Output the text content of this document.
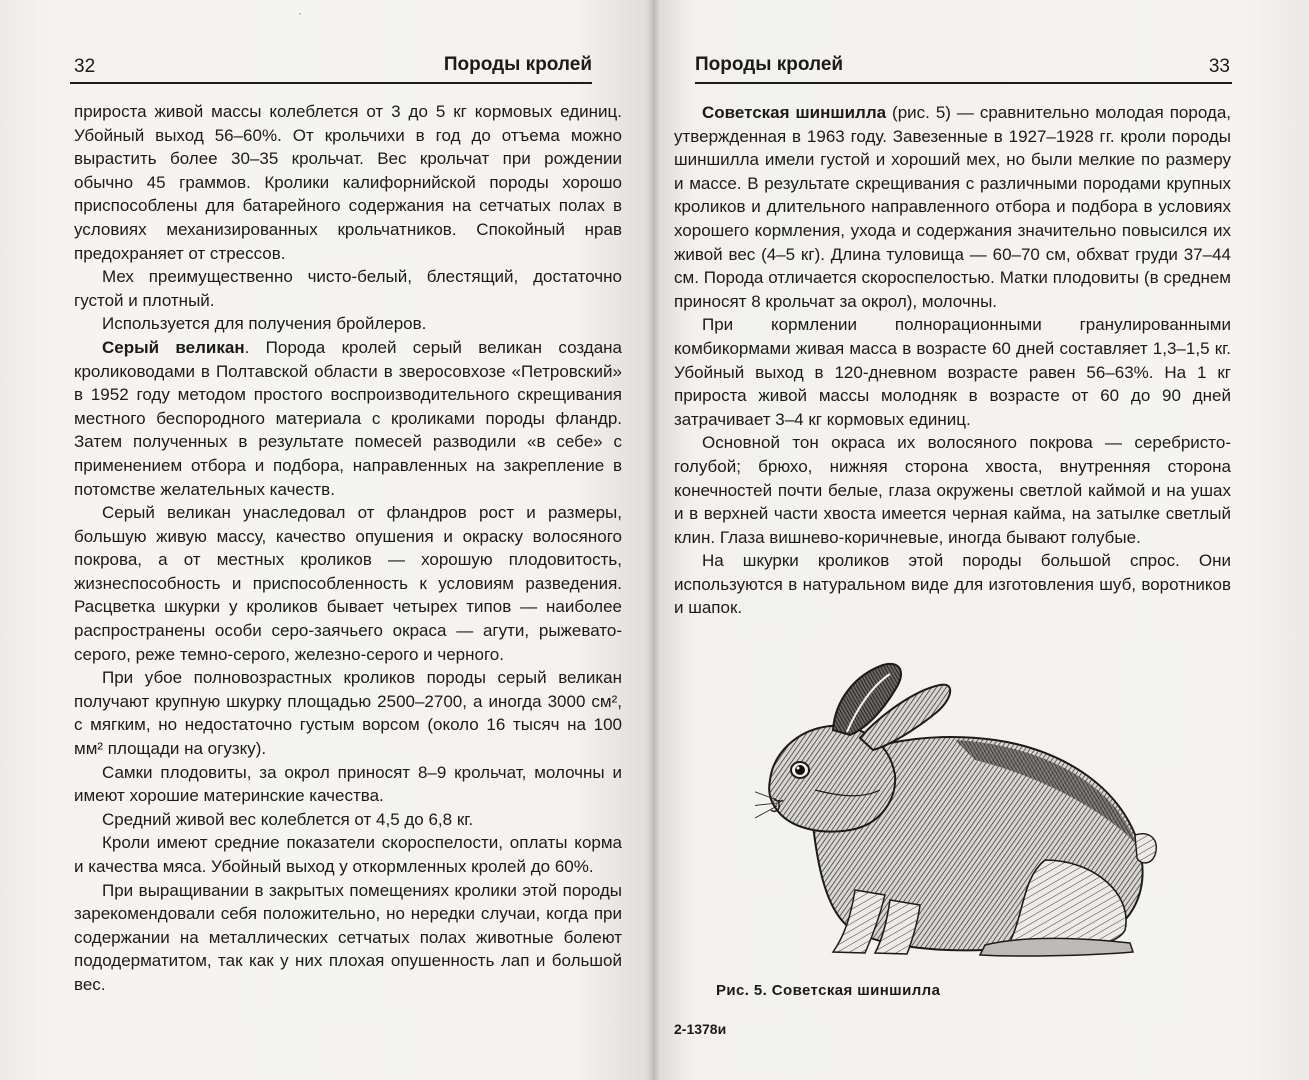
·
32	Породы кролей	Породы кролей	33

прироста живой массы колеблется от 3 до 5 кг кормовых единиц. Убойный выход 56–60%. От крольчихи в год до отъема можно вырастить более 30–35 крольчат. Вес крольчат при рождении обычно 45 граммов. Кролики калифорнийской породы хорошо приспособлены для батарейного содержания на сетчатых полах в условиях механизированных крольчатников. Спокойный нрав предохраняет от стрессов.

Мех преимущественно чисто-белый, блестящий, достаточно густой и плотный.

Используется для получения бройлеров.

Серый великан. Порода кролей серый великан создана кролиководами в Полтавской области в зверосовхозе «Петровский» в 1952 году методом простого воспроизводительного скрещивания местного беспородного материала с кроликами породы фландр. Затем полученных в результате помесей разводили «в себе» с применением отбора и подбора, направленных на закрепление в потомстве желательных качеств.

Серый великан унаследовал от фландров рост и размеры, большую живую массу, качество опушения и окраску волосяного покрова, а от местных кроликов — хорошую плодовитость, жизнеспособность и приспособленность к условиям разведения. Расцветка шкурки у кроликов бывает четырех типов — наиболее распространены особи серо-заячьего окраса — агути, рыжевато-серого, реже темно-серого, железно-серого и черного.

При убое полновозрастных кроликов породы серый великан получают крупную шкурку площадью 2500–2700, а иногда 3000 см², с мягким, но недостаточно густым ворсом (около 16 тысяч на 100 мм² площади на огузку).

Самки плодовиты, за окрол приносят 8–9 крольчат, молочны и имеют хорошие материнские качества.

Средний живой вес колеблется от 4,5 до 6,8 кг.

Кроли имеют средние показатели скороспелости, оплаты корма и качества мяса. Убойный выход у откормленных кролей до 60%.

При выращивании в закрытых помещениях кролики этой породы зарекомендовали себя положительно, но нередки случаи, когда при содержании на металлических сетчатых полах животные болеют пододерматитом, так как у них плохая опушенность лап и большой вес.

Советская шиншилла (рис. 5) — сравнительно молодая порода, утвержденная в 1963 году. Завезенные в 1927–1928 гг. кроли породы шиншилла имели густой и хороший мех, но были мелкие по размеру и массе. В результате скрещивания с различными породами крупных кроликов и длительного направленного отбора и подбора в условиях хорошего кормления, ухода и содержания значительно повысился их живой вес (4–5 кг). Длина туловища — 60–70 см, обхват груди 37–44 см. Порода отличается скороспелостью. Матки плодовиты (в среднем приносят 8 крольчат за окрол), молочны.

При кормлении полнорационными гранулированными комбикормами живая масса в возрасте 60 дней составляет 1,3–1,5 кг. Убойный выход в 120-дневном возрасте равен 56–63%. На 1 кг прироста живой массы молодняк в возрасте от 60 до 90 дней затрачивает 3–4 кг кормовых единиц.

Основной тон окраса их волосяного покрова — серебристо-голубой; брюхо, нижняя сторона хвоста, внутренняя сторона конечностей почти белые, глаза окружены светлой каймой и на ушах и в верхней части хвоста имеется черная кайма, на затылке светлый клин. Глаза вишнево-коричневые, иногда бывают голубые.

На шкурки кроликов этой породы большой спрос. Они используются в натуральном виде для изготовления шуб, воротников и шапок.

Рис. 5. Советская шиншилла
2-1378и
